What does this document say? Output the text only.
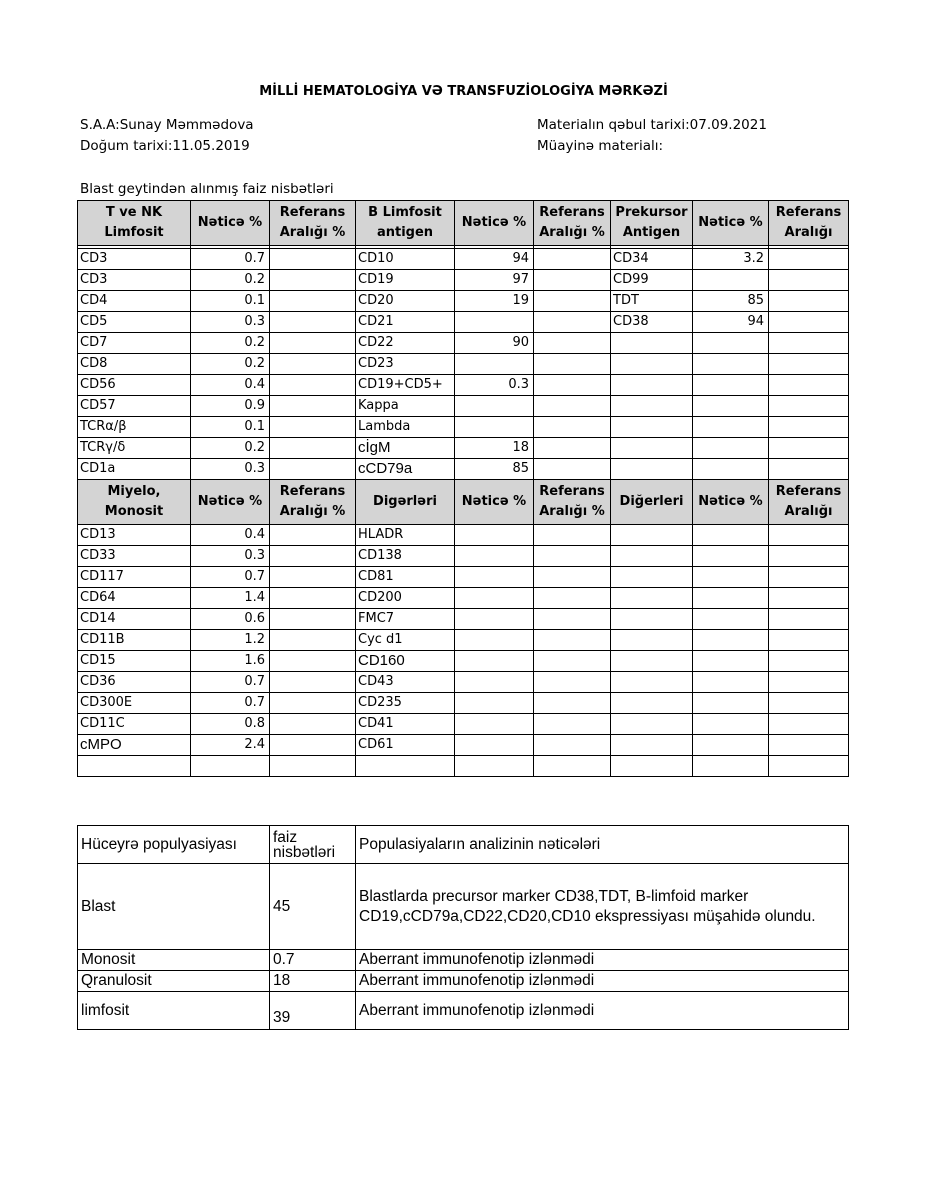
MİLLİ HEMATOLOGİYA VƏ TRANSFUZİOLOGİYA MƏRKƏZİ
S.A.A:Sunay Məmmədova
Doğum tarixi:11.05.2019
Materialın qəbul tarixi:07.09.2021
Müayinə materialı:
Blast geytindən alınmış faiz nisbətləri
T ve NK Limfosit	Nəticə %	Referans Aralığı %	B Limfosit antigen	Nəticə %	Referans Aralığı %	Prekursor Antigen	Nəticə %	Referans Aralığı

CD3	0.7		CD10	94		CD34	3.2	
CD3	0.2		CD19	97		CD99		
CD4	0.1		CD20	19		TDT	85	
CD5	0.3		CD21			CD38	94	
CD7	0.2		CD22	90				
CD8	0.2		CD23					
CD56	0.4		CD19+CD5+	0.3				
CD57	0.9		Kappa					
TCRα/β	0.1		Lambda					
TCRγ/δ	0.2		cİgM	18				
CD1a	0.3		cCD79a	85				
Miyelo, Monosit	Nəticə %	Referans Aralığı %	Digərləri	Nəticə %	Referans Aralığı %	Diğerleri	Nəticə %	Referans Aralığı
CD13	0.4		HLADR					
CD33	0.3		CD138					
CD117	0.7		CD81					
CD64	1.4		CD200					
CD14	0.6		FMC7					
CD11B	1.2		Cyc d1					
CD15	1.6		CD160					
CD36	0.7		CD43					
CD300E	0.7		CD235					
CD11C	0.8		CD41					
cMPO	2.4		CD61					

Hüceyrə populyasiyası	faiz nisbətləri	Populasiyaların analizinin nəticələri
Blast	45	Blastlarda precursor marker CD38,TDT, B-limfoid marker CD19,cCD79a,CD22,CD20,CD10 ekspressiyası müşahidə olundu.
Monosit	0.7	Aberrant immunofenotip izlənmədi
Qranulosit	18	Aberrant immunofenotip izlənmədi
limfosit	39	Aberrant immunofenotip izlənmədi
